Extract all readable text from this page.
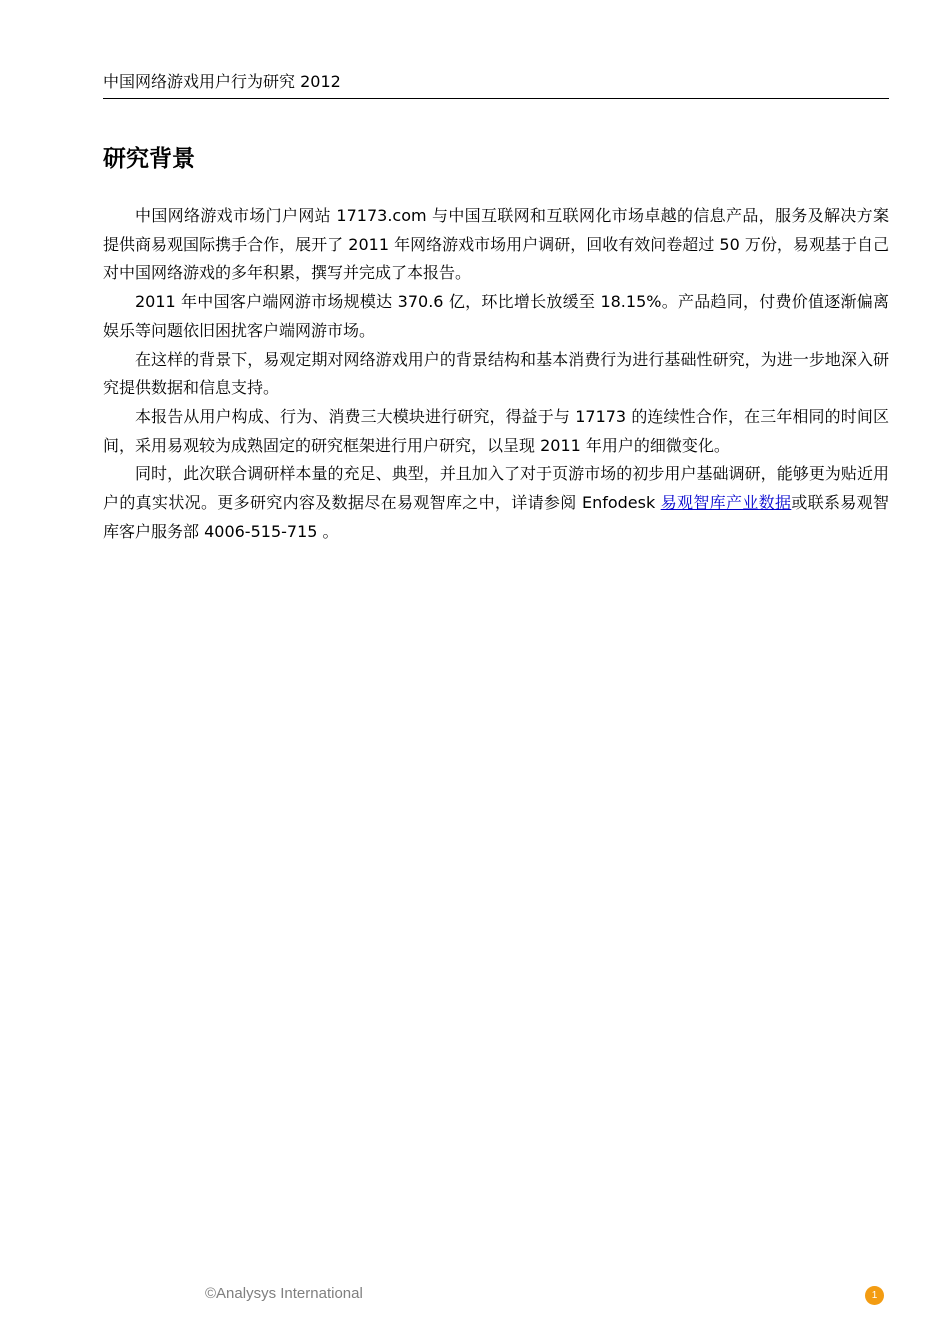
中国网络游戏用户行为研究 2012
研究背景

中国网络游戏市场门户网站 17173.com 与中国互联网和互联网化市场卓越的信息产品，服务及解决方案提供商易观国际携手合作，展开了 2011 年网络游戏市场用户调研，回收有效问卷超过 50 万份，易观基于自己对中国网络游戏的多年积累，撰写并完成了本报告。

2011 年中国客户端网游市场规模达 370.6 亿，环比增长放缓至 18.15%。产品趋同，付费价值逐渐偏离娱乐等问题依旧困扰客户端网游市场。

在这样的背景下，易观定期对网络游戏用户的背景结构和基本消费行为进行基础性研究，为进一步地深入研究提供数据和信息支持。

本报告从用户构成、行为、消费三大模块进行研究，得益于与 17173 的连续性合作，在三年相同的时间区间，采用易观较为成熟固定的研究框架进行用户研究，以呈现 2011 年用户的细微变化。

同时，此次联合调研样本量的充足、典型，并且加入了对于页游市场的初步用户基础调研，能够更为贴近用户的真实状况。更多研究内容及数据尽在易观智库之中，详请参阅 Enfodesk 易观智库产业数据或联系易观智库客户服务部 4006-515-715 。

©Analysys International	1
